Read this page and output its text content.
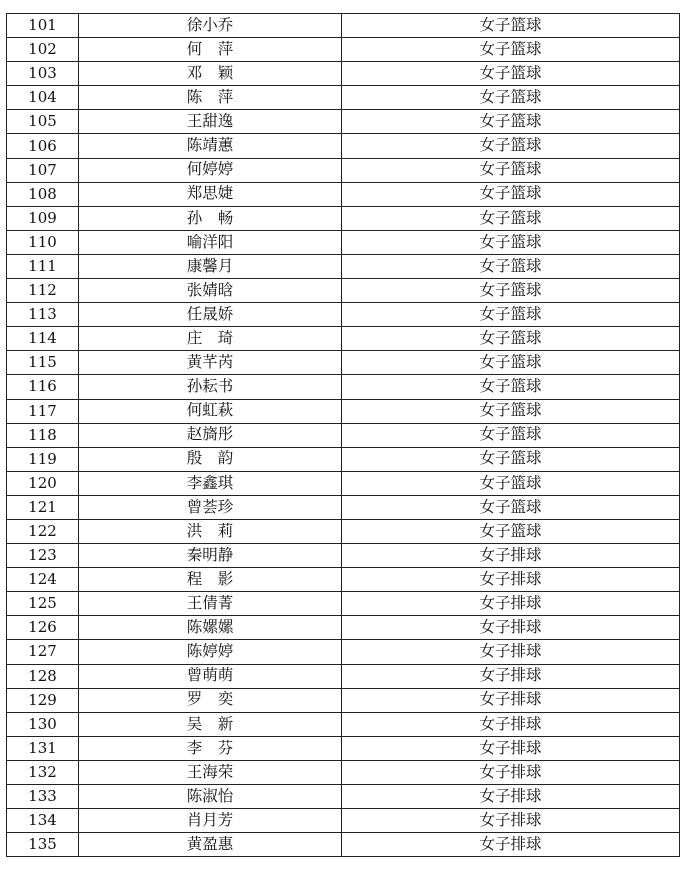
101	徐小乔	女子篮球
102	何　萍	女子篮球
103	邓　颖	女子篮球
104	陈　萍	女子篮球
105	王甜逸	女子篮球
106	陈靖蕙	女子篮球
107	何婷婷	女子篮球
108	郑思婕	女子篮球
109	孙　畅	女子篮球
110	喻洋阳	女子篮球
111	康馨月	女子篮球
112	张婧晗	女子篮球
113	任晟娇	女子篮球
114	庄　琦	女子篮球
115	黄芊芮	女子篮球
116	孙耘书	女子篮球
117	何虹萩	女子篮球
118	赵旖彤	女子篮球
119	殷　韵	女子篮球
120	李鑫琪	女子篮球
121	曾荟珍	女子篮球
122	洪　莉	女子篮球
123	秦明静	女子排球
124	程　影	女子排球
125	王倩菁	女子排球
126	陈嫘嫘	女子排球
127	陈婷婷	女子排球
128	曾萌萌	女子排球
129	罗　奕	女子排球
130	吴　新	女子排球
131	李　芬	女子排球
132	王海荣	女子排球
133	陈淑怡	女子排球
134	肖月芳	女子排球
135	黄盈惠	女子排球
